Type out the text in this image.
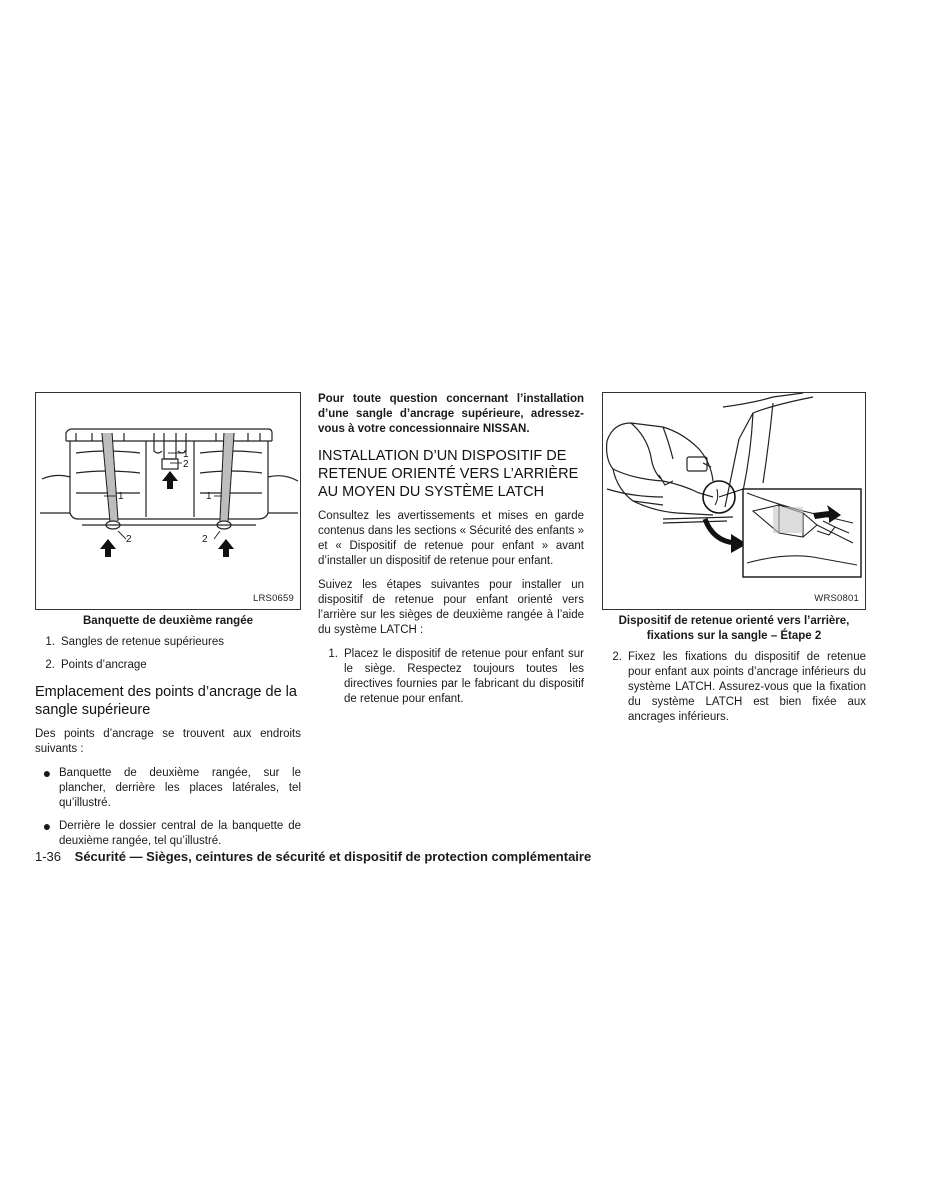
1
2
1
2
1
2
LRS0659
Banquette de deuxième rangée
1. Sangles de retenue supérieures
2. Points d’ancrage
Emplacement des points d’ancrage de la sangle supérieure

Des points d’ancrage se trouvent aux endroits suivants :

● Banquette de deuxième rangée, sur le plancher, derrière les places latérales, tel qu’illustré.
● Derrière le dossier central de la banquette de deuxième rangée, tel qu’illustré.

Pour toute question concernant l’installation d’une sangle d’ancrage supérieure, adressez-vous à votre concessionnaire NISSAN.

INSTALLATION D’UN DISPOSITIF DE RETENUE ORIENTÉ VERS L’ARRIÈRE AU MOYEN DU SYSTÈME LATCH

Consultez les avertissements et mises en garde contenus dans les sections « Sécurité des enfants » et « Dispositif de retenue pour enfant » avant d’installer un dispositif de retenue pour enfant.

Suivez les étapes suivantes pour installer un dispositif de retenue pour enfant orienté vers l’arrière sur les sièges de deuxième rangée à l’aide du système LATCH :

1. Placez le dispositif de retenue pour enfant sur le siège. Respectez toujours toutes les directives fournies par le fabricant du dispositif de retenue pour enfant.
WRS0801
Dispositif de retenue orienté vers l’arrière, fixations sur la sangle – Étape 2
2. Fixez les fixations du dispositif de retenue pour enfant aux points d’ancrage inférieurs du système LATCH. Assurez-vous que la fixation du système LATCH est bien fixée aux ancrages inférieurs.
1-36 Sécurité — Sièges, ceintures de sécurité et dispositif de protection complémentaire
